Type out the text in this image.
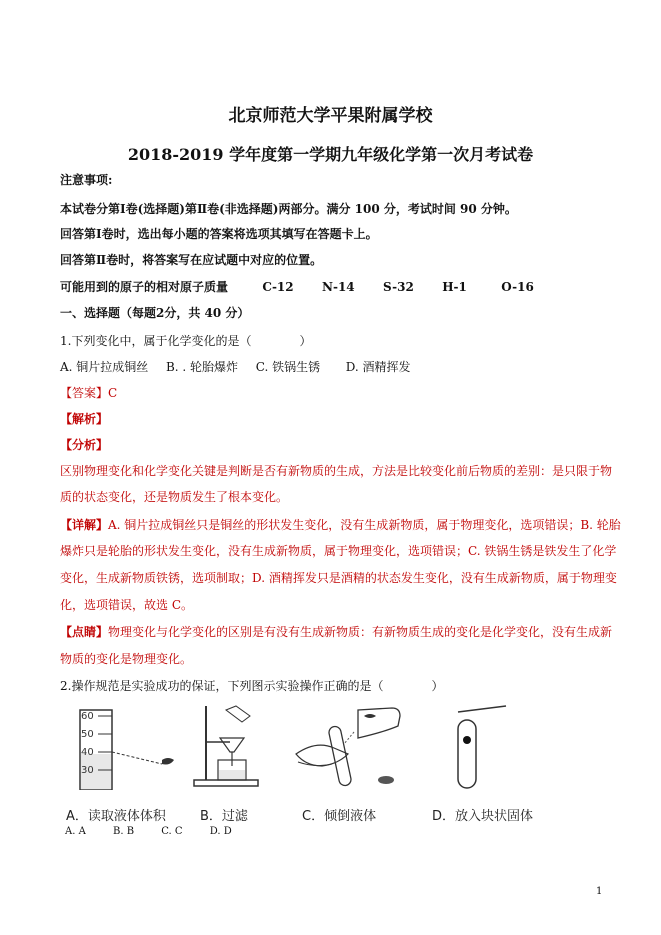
北京师范大学平果附属学校
2018-2019 学年度第一学期九年级化学第一次月考试卷
注意事项:
本试卷分第Ⅰ卷(选择题)第Ⅱ卷(非选择题)两部分。满分 100 分，考试时间 90 分钟。
回答第Ⅰ卷时，选出每小题的答案将选项其填写在答题卡上。
回答第Ⅱ卷时，将答案写在应试题中对应的位置。
可能用到的原子的相对原子质量	C-12 N-14 S-32 H-1	O-16
一、选择题（每题2分，共 40 分）
1.下列变化中，属于化学变化的是（　　　　）
A. 铜片拉成铜丝 B. . 轮胎爆炸 C. 铁锅生锈 D. 酒精挥发
【答案】C
【解析】
【分析】
区别物理变化和化学变化关键是判断是否有新物质的生成，方法是比较变化前后物质的差别：是只限于物
质的状态变化，还是物质发生了根本变化。
【详解】A. 铜片拉成铜丝只是铜丝的形状发生变化，没有生成新物质，属于物理变化，选项错误；B. 轮胎
爆炸只是轮胎的形状发生变化，没有生成新物质，属于物理变化，选项错误；C. 铁锅生锈是铁发生了化学
变化，生成新物质铁锈，选项制取；D. 酒精挥发只是酒精的状态发生变化，没有生成新物质，属于物理变
化，选项错误，故选 C。
【点睛】物理变化与化学变化的区别是有没有生成新物质：有新物质生成的变化是化学变化，没有生成新
物质的变化是物理变化。
2.操作规范是实验成功的保证，下列图示实验操作正确的是（　　　　）
60
50
40
30
A．读取液体体积	B．过滤	C．倾倒液体	D．放入块状固体
A. A	B. B	C. C	D. D
1
